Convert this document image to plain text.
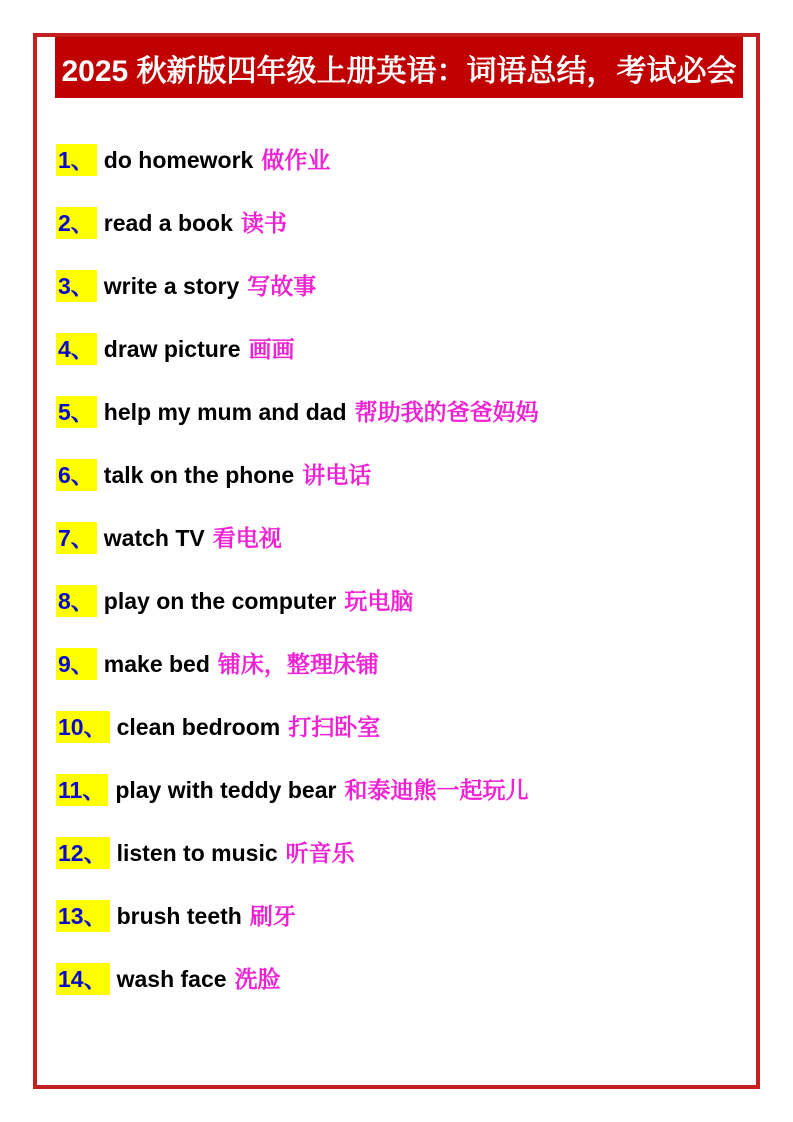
2025 秋新版四年级上册英语：词语总结，考试必会
1、 do homework 做作业
2、 read a book 读书
3、 write a story 写故事
4、 draw picture 画画
5、 help my mum and dad 帮助我的爸爸妈妈
6、 talk on the phone 讲电话
7、 watch TV 看电视
8、 play on the computer 玩电脑
9、 make bed 铺床，整理床铺
10、 clean bedroom 打扫卧室
11、 play with teddy bear 和泰迪熊一起玩儿
12、 listen to music 听音乐
13、 brush teeth 刷牙
14、 wash face 洗脸
